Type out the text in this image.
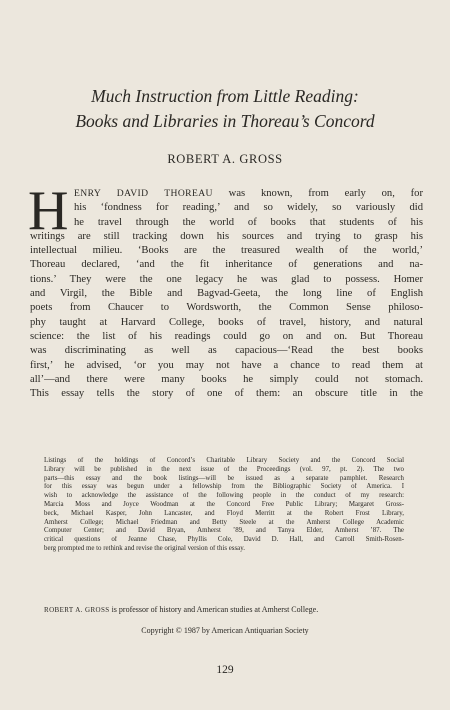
Much Instruction from Little Reading:
Books and Libraries in Thoreau’s Concord
ROBERT A. GROSS
H ENRY DAVID THOREAU was known, from early on, for
his ‘fondness for reading,’ and so widely, so variously did
he travel through the world of books that students of his
writings are still tracking down his sources and trying to grasp his
intellectual milieu. ‘Books are the treasured wealth of the world,’
Thoreau declared, ‘and the fit inheritance of generations and na-
tions.’ They were the one legacy he was glad to possess. Homer
and Virgil, the Bible and Bagvad-Geeta, the long line of English
poets from Chaucer to Wordsworth, the Common Sense philoso-
phy taught at Harvard College, books of travel, history, and natural
science: the list of his readings could go on and on. But Thoreau
was discriminating as well as capacious—‘Read the best books
first,’ he advised, ‘or you may not have a chance to read them at
all’—and there were many books he simply could not stomach.
This essay tells the story of one of them: an obscure title in the
Listings of the holdings of Concord’s Charitable Library Society and the Concord Social
Library will be published in the next issue of the Proceedings (vol. 97, pt. 2). The two
parts—this essay and the book listings—will be issued as a separate pamphlet. Research
for this essay was begun under a fellowship from the Bibliographic Society of America. I
wish to acknowledge the assistance of the following people in the conduct of my research:
Marcia Moss and Joyce Woodman at the Concord Free Public Library; Margaret Gross-
beck, Michael Kasper, John Lancaster, and Floyd Merritt at the Robert Frost Library,
Amherst College; Michael Friedman and Betty Steele at the Amherst College Academic
Computer Center; and David Bryan, Amherst ’89, and Tanya Elder, Amherst ’87. The
critical questions of Jeanne Chase, Phyllis Cole, David D. Hall, and Carroll Smith-Rosen-
berg prompted me to rethink and revise the original version of this essay.
ROBERT A. GROSS is professor of history and American studies at Amherst College.
Copyright © 1987 by American Antiquarian Society
129
